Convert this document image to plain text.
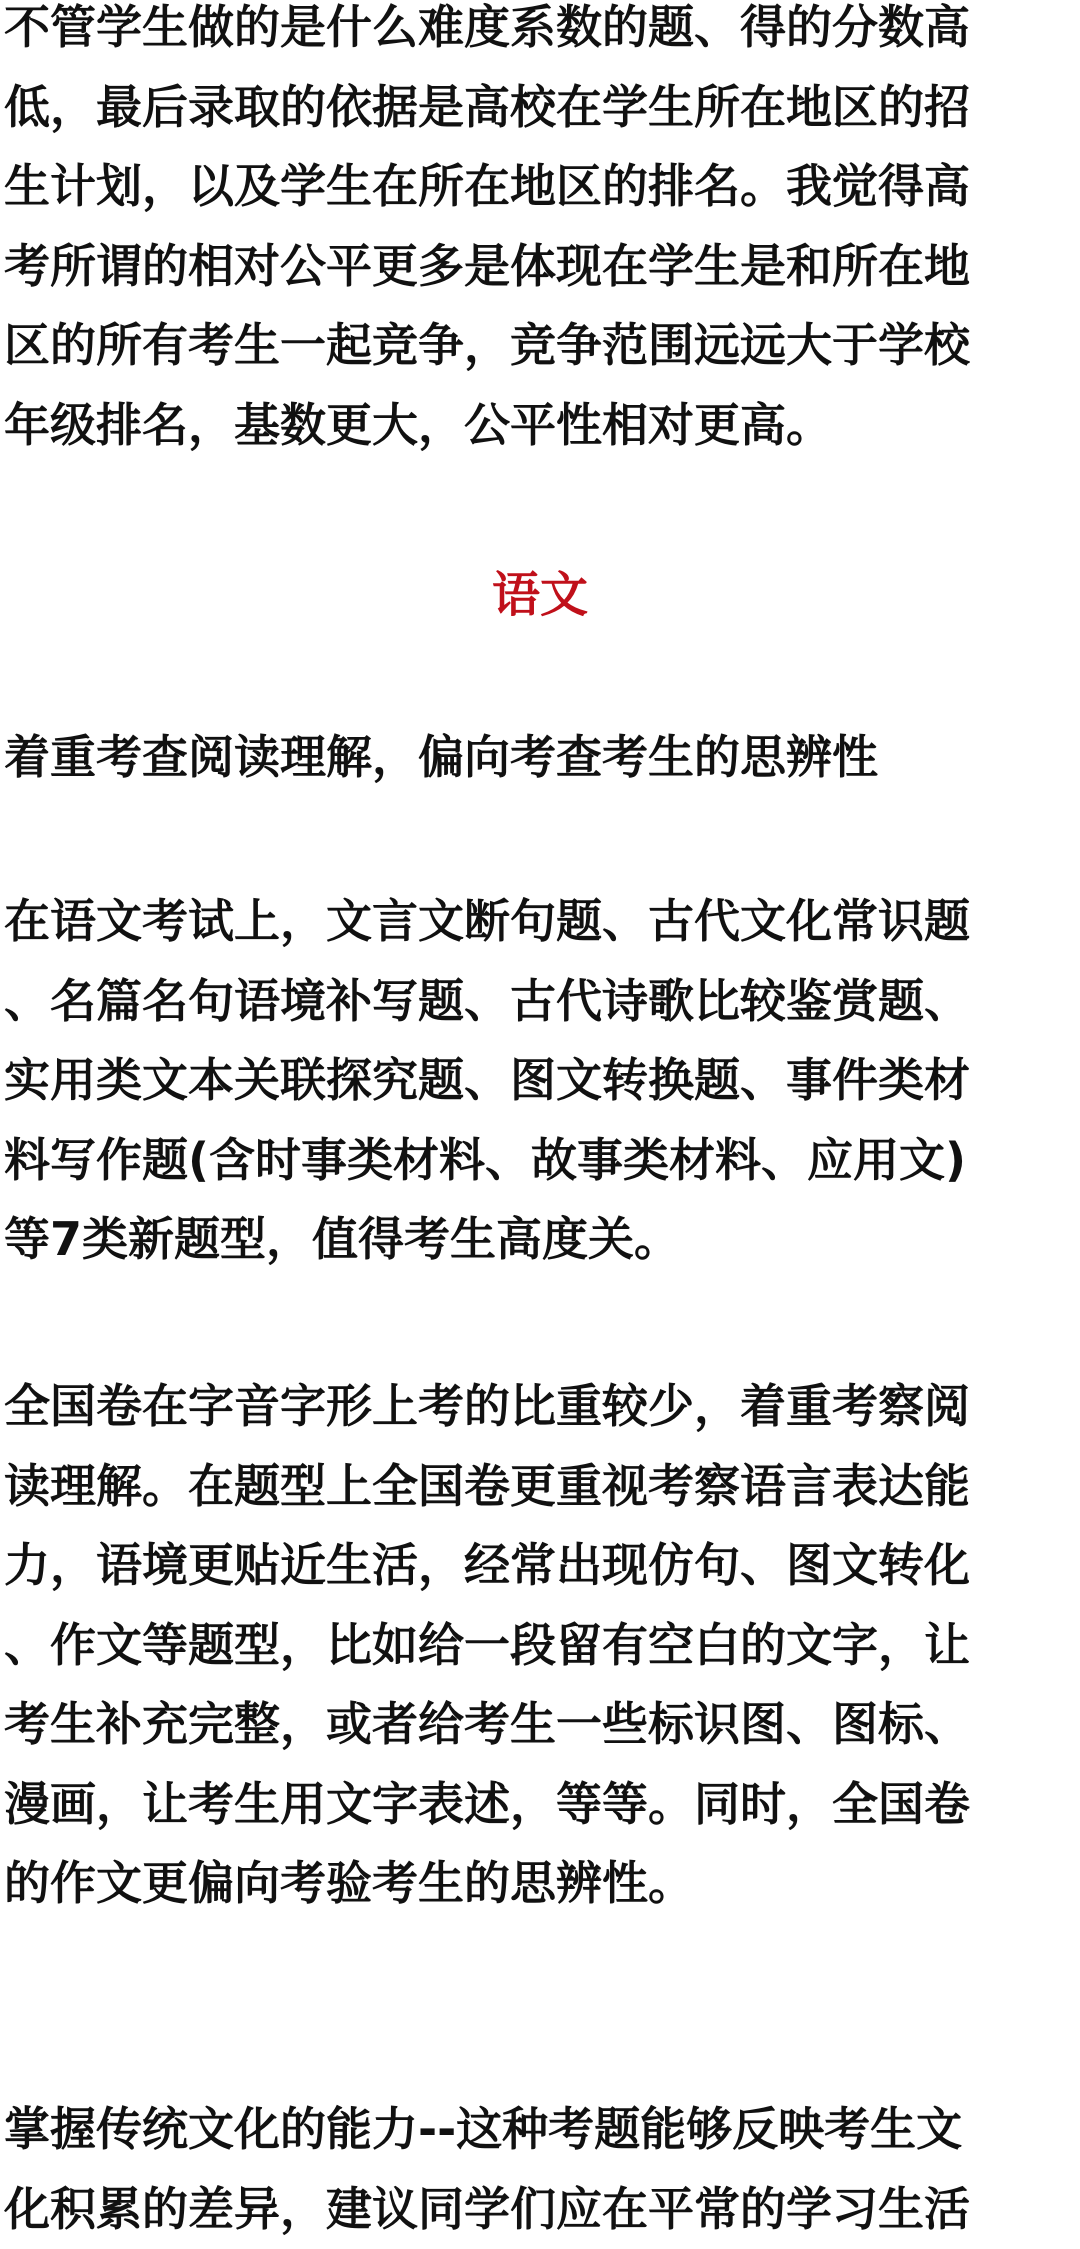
不管学生做的是什么难度系数的题、得的分数高
低，最后录取的依据是高校在学生所在地区的招
生计划，以及学生在所在地区的排名。我觉得高
考所谓的相对公平更多是体现在学生是和所在地
区的所有考生一起竞争，竞争范围远远大于学校
年级排名，基数更大，公平性相对更高。

语文

着重考查阅读理解，偏向考查考生的思辨性

在语文考试上，文言文断句题、古代文化常识题
、名篇名句语境补写题、古代诗歌比较鉴赏题、
实用类文本关联探究题、图文转换题、事件类材
料写作题(含时事类材料、故事类材料、应用文)
等7类新题型，值得考生高度关。

全国卷在字音字形上考的比重较少，着重考察阅
读理解。在题型上全国卷更重视考察语言表达能
力，语境更贴近生活，经常出现仿句、图文转化
、作文等题型，比如给一段留有空白的文字，让
考生补充完整，或者给考生一些标识图、图标、
漫画，让考生用文字表述，等等。同时，全国卷
的作文更偏向考验考生的思辨性。

掌握传统文化的能力--这种考题能够反映考生文
化积累的差异，建议同学们应在平常的学习生活
